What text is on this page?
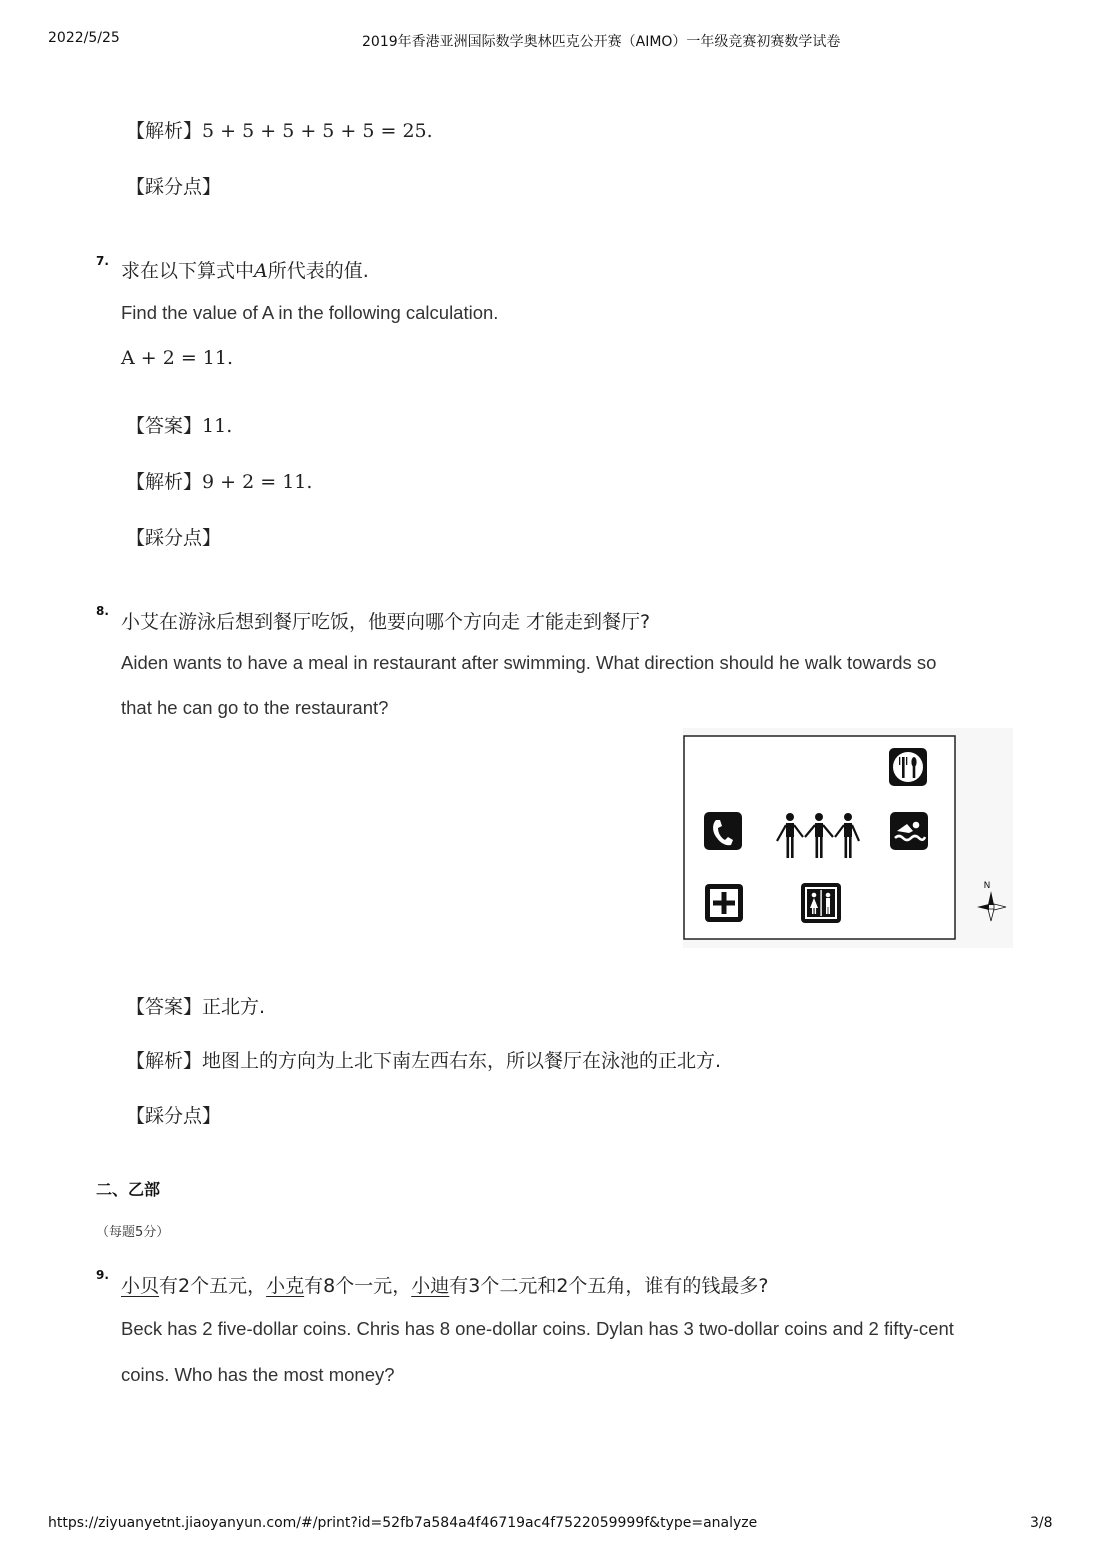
2022/5/25	2019年香港亚洲国际数学奥林匹克公开赛（AIMO）一年级竞赛初赛数学试卷
【解析】5 + 5 + 5 + 5 + 5 = 25.
【踩分点】
7. 求在以下算式中A所代表的值.
Find the value of A in the following calculation.
A + 2 = 11.
【答案】11.
【解析】9 + 2 = 11.
【踩分点】
8. 小艾在游泳后想到餐厅吃饭，他要向哪个方向走 才能走到餐厅?
Aiden wants to have a meal in restaurant after swimming. What direction should he walk towards so
that he can go to the restaurant?
N
【答案】正北方.
【解析】地图上的方向为上北下南左西右东，所以餐厅在泳池的正北方.
【踩分点】
二、乙部
（每题5分）
9. 小贝有2个五元，小克有8个一元，小迪有3个二元和2个五角，谁有的钱最多?
Beck has 2 five-dollar coins. Chris has 8 one-dollar coins. Dylan has 3 two-dollar coins and 2 fifty-cent
coins. Who has the most money?
https://ziyuanyetnt.jiaoyanyun.com/#/print?id=52fb7a584a4f46719ac4f7522059999f&type=analyze	3/8
